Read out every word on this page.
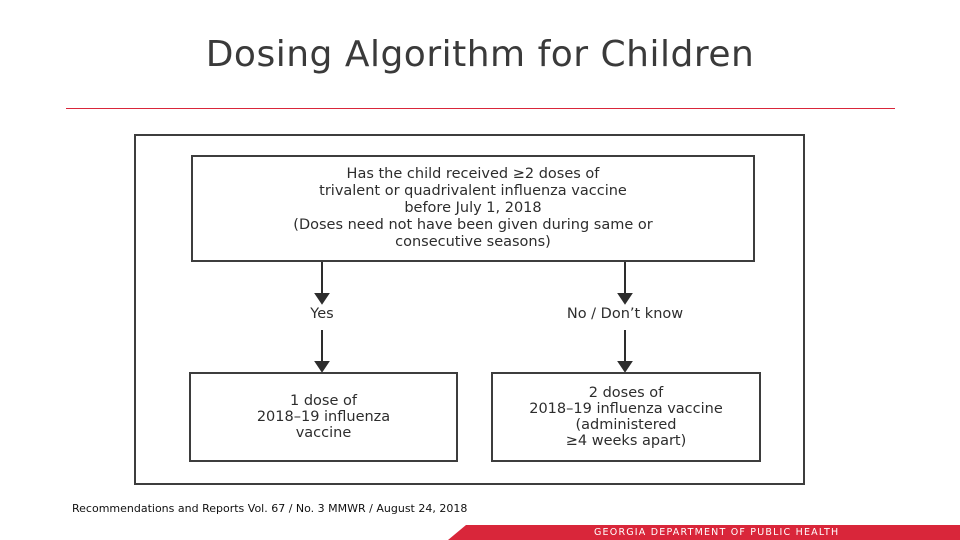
Dosing Algorithm for Children
Has the child received ≥2 doses of
trivalent or quadrivalent influenza vaccine
before July 1, 2018
(Doses need not have been given during same or
consecutive seasons)
Yes	No / Don’t know
1 dose of
2018–19 influenza
vaccine
2 doses of
2018–19 influenza vaccine
(administered
≥4 weeks apart)
Recommendations and Reports Vol. 67 / No. 3 MMWR / August 24, 2018
GEORGIA DEPARTMENT OF PUBLIC HEALTH
